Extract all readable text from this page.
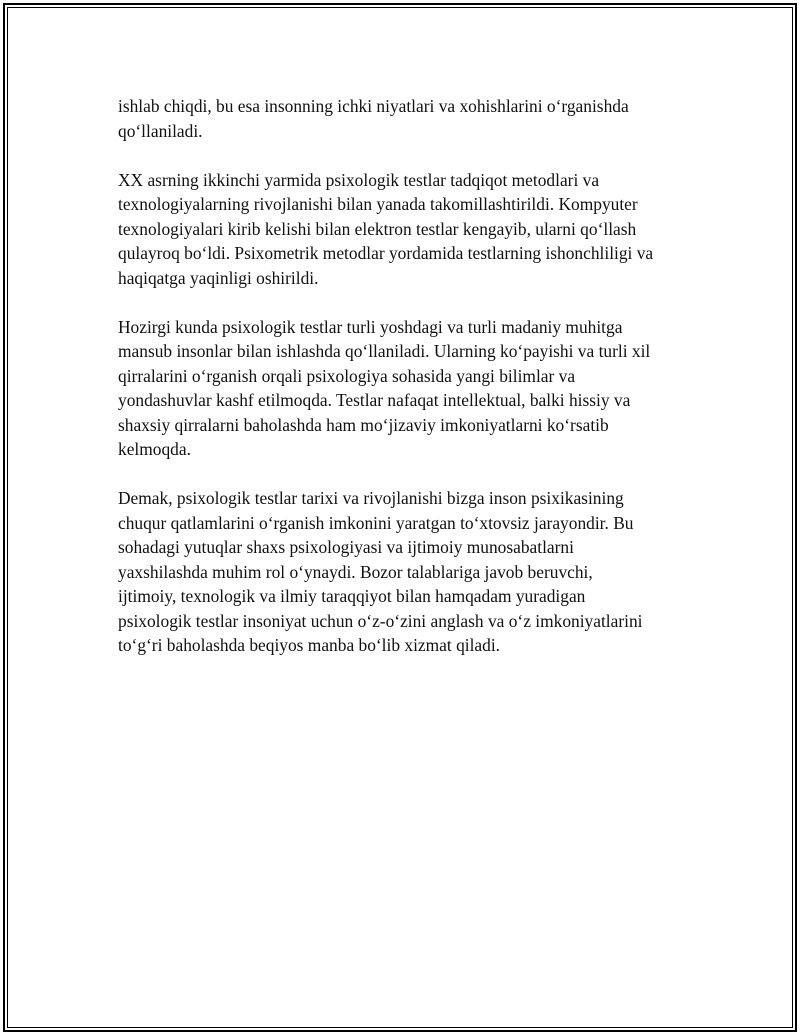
ishlab chiqdi, bu esa insonning ichki niyatlari va xohishlarini o‘rganishda
qo‘llaniladi.

XX asrning ikkinchi yarmida psixologik testlar tadqiqot metodlari va
texnologiyalarning rivojlanishi bilan yanada takomillashtirildi. Kompyuter
texnologiyalari kirib kelishi bilan elektron testlar kengayib, ularni qo‘llash
qulayroq bo‘ldi. Psixometrik metodlar yordamida testlarning ishonchliligi va
haqiqatga yaqinligi oshirildi.

Hozirgi kunda psixologik testlar turli yoshdagi va turli madaniy muhitga
mansub insonlar bilan ishlashda qo‘llaniladi. Ularning ko‘payishi va turli xil
qirralarini o‘rganish orqali psixologiya sohasida yangi bilimlar va
yondashuvlar kashf etilmoqda. Testlar nafaqat intellektual, balki hissiy va
shaxsiy qirralarni baholashda ham mo‘jizaviy imkoniyatlarni ko‘rsatib
kelmoqda.

Demak, psixologik testlar tarixi va rivojlanishi bizga inson psixikasining
chuqur qatlamlarini o‘rganish imkonini yaratgan to‘xtovsiz jarayondir. Bu
sohadagi yutuqlar shaxs psixologiyasi va ijtimoiy munosabatlarni
yaxshilashda muhim rol o‘ynaydi. Bozor talablariga javob beruvchi,
ijtimoiy, texnologik va ilmiy taraqqiyot bilan hamqadam yuradigan
psixologik testlar insoniyat uchun o‘z-o‘zini anglash va o‘z imkoniyatlarini
to‘g‘ri baholashda beqiyos manba bo‘lib xizmat qiladi.
